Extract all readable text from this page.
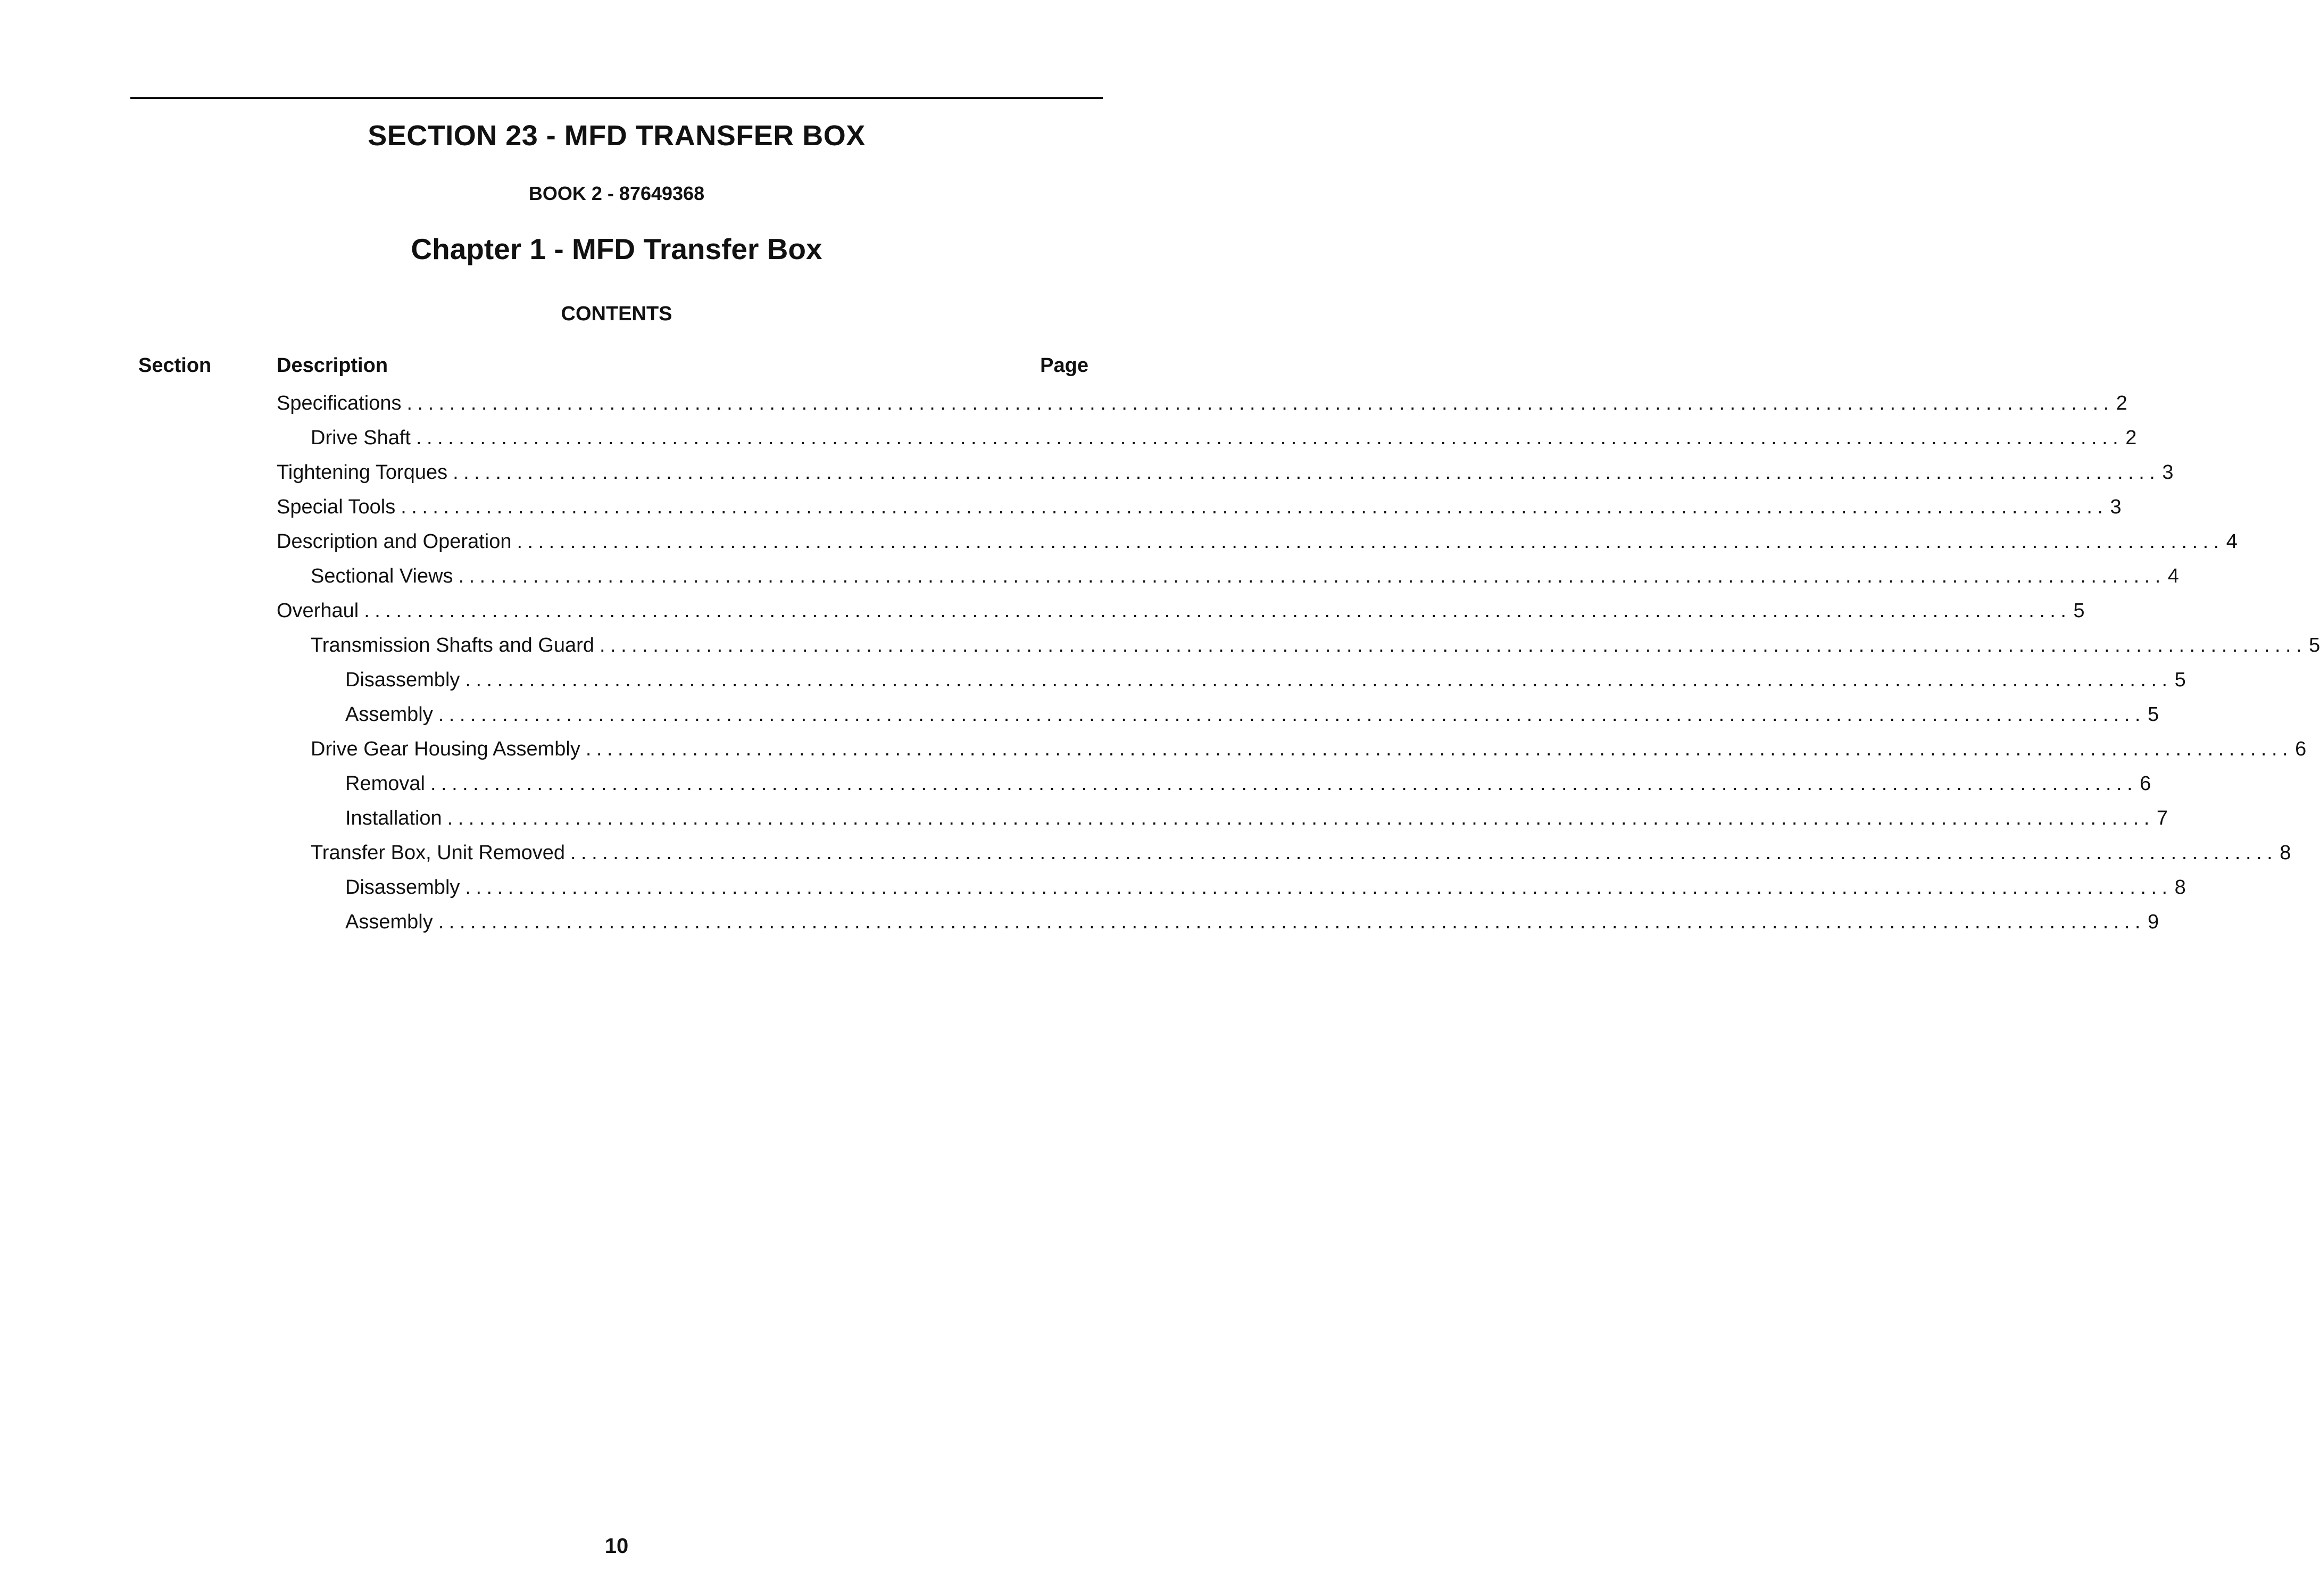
SECTION 23 - MFD TRANSFER BOX
BOOK 2 - 87649368
Chapter 1 - MFD Transfer Box
CONTENTS
Section	Description	Page
Specifications ................................................................................................................................................................ 2
Drive Shaft ................................................................................................................................................................ 2
Tightening Torques ................................................................................................................................................................ 3
Special Tools ................................................................................................................................................................ 3
Description and Operation ................................................................................................................................................................ 4
Sectional Views ................................................................................................................................................................ 4
Overhaul ................................................................................................................................................................ 5
Transmission Shafts and Guard ................................................................................................................................................................ 5
Disassembly ................................................................................................................................................................ 5
Assembly ................................................................................................................................................................ 5
Drive Gear Housing Assembly ................................................................................................................................................................ 6
Removal ................................................................................................................................................................ 6
Installation ................................................................................................................................................................ 7
Transfer Box, Unit Removed ................................................................................................................................................................ 8
Disassembly ................................................................................................................................................................ 8
Assembly ................................................................................................................................................................ 9
10
